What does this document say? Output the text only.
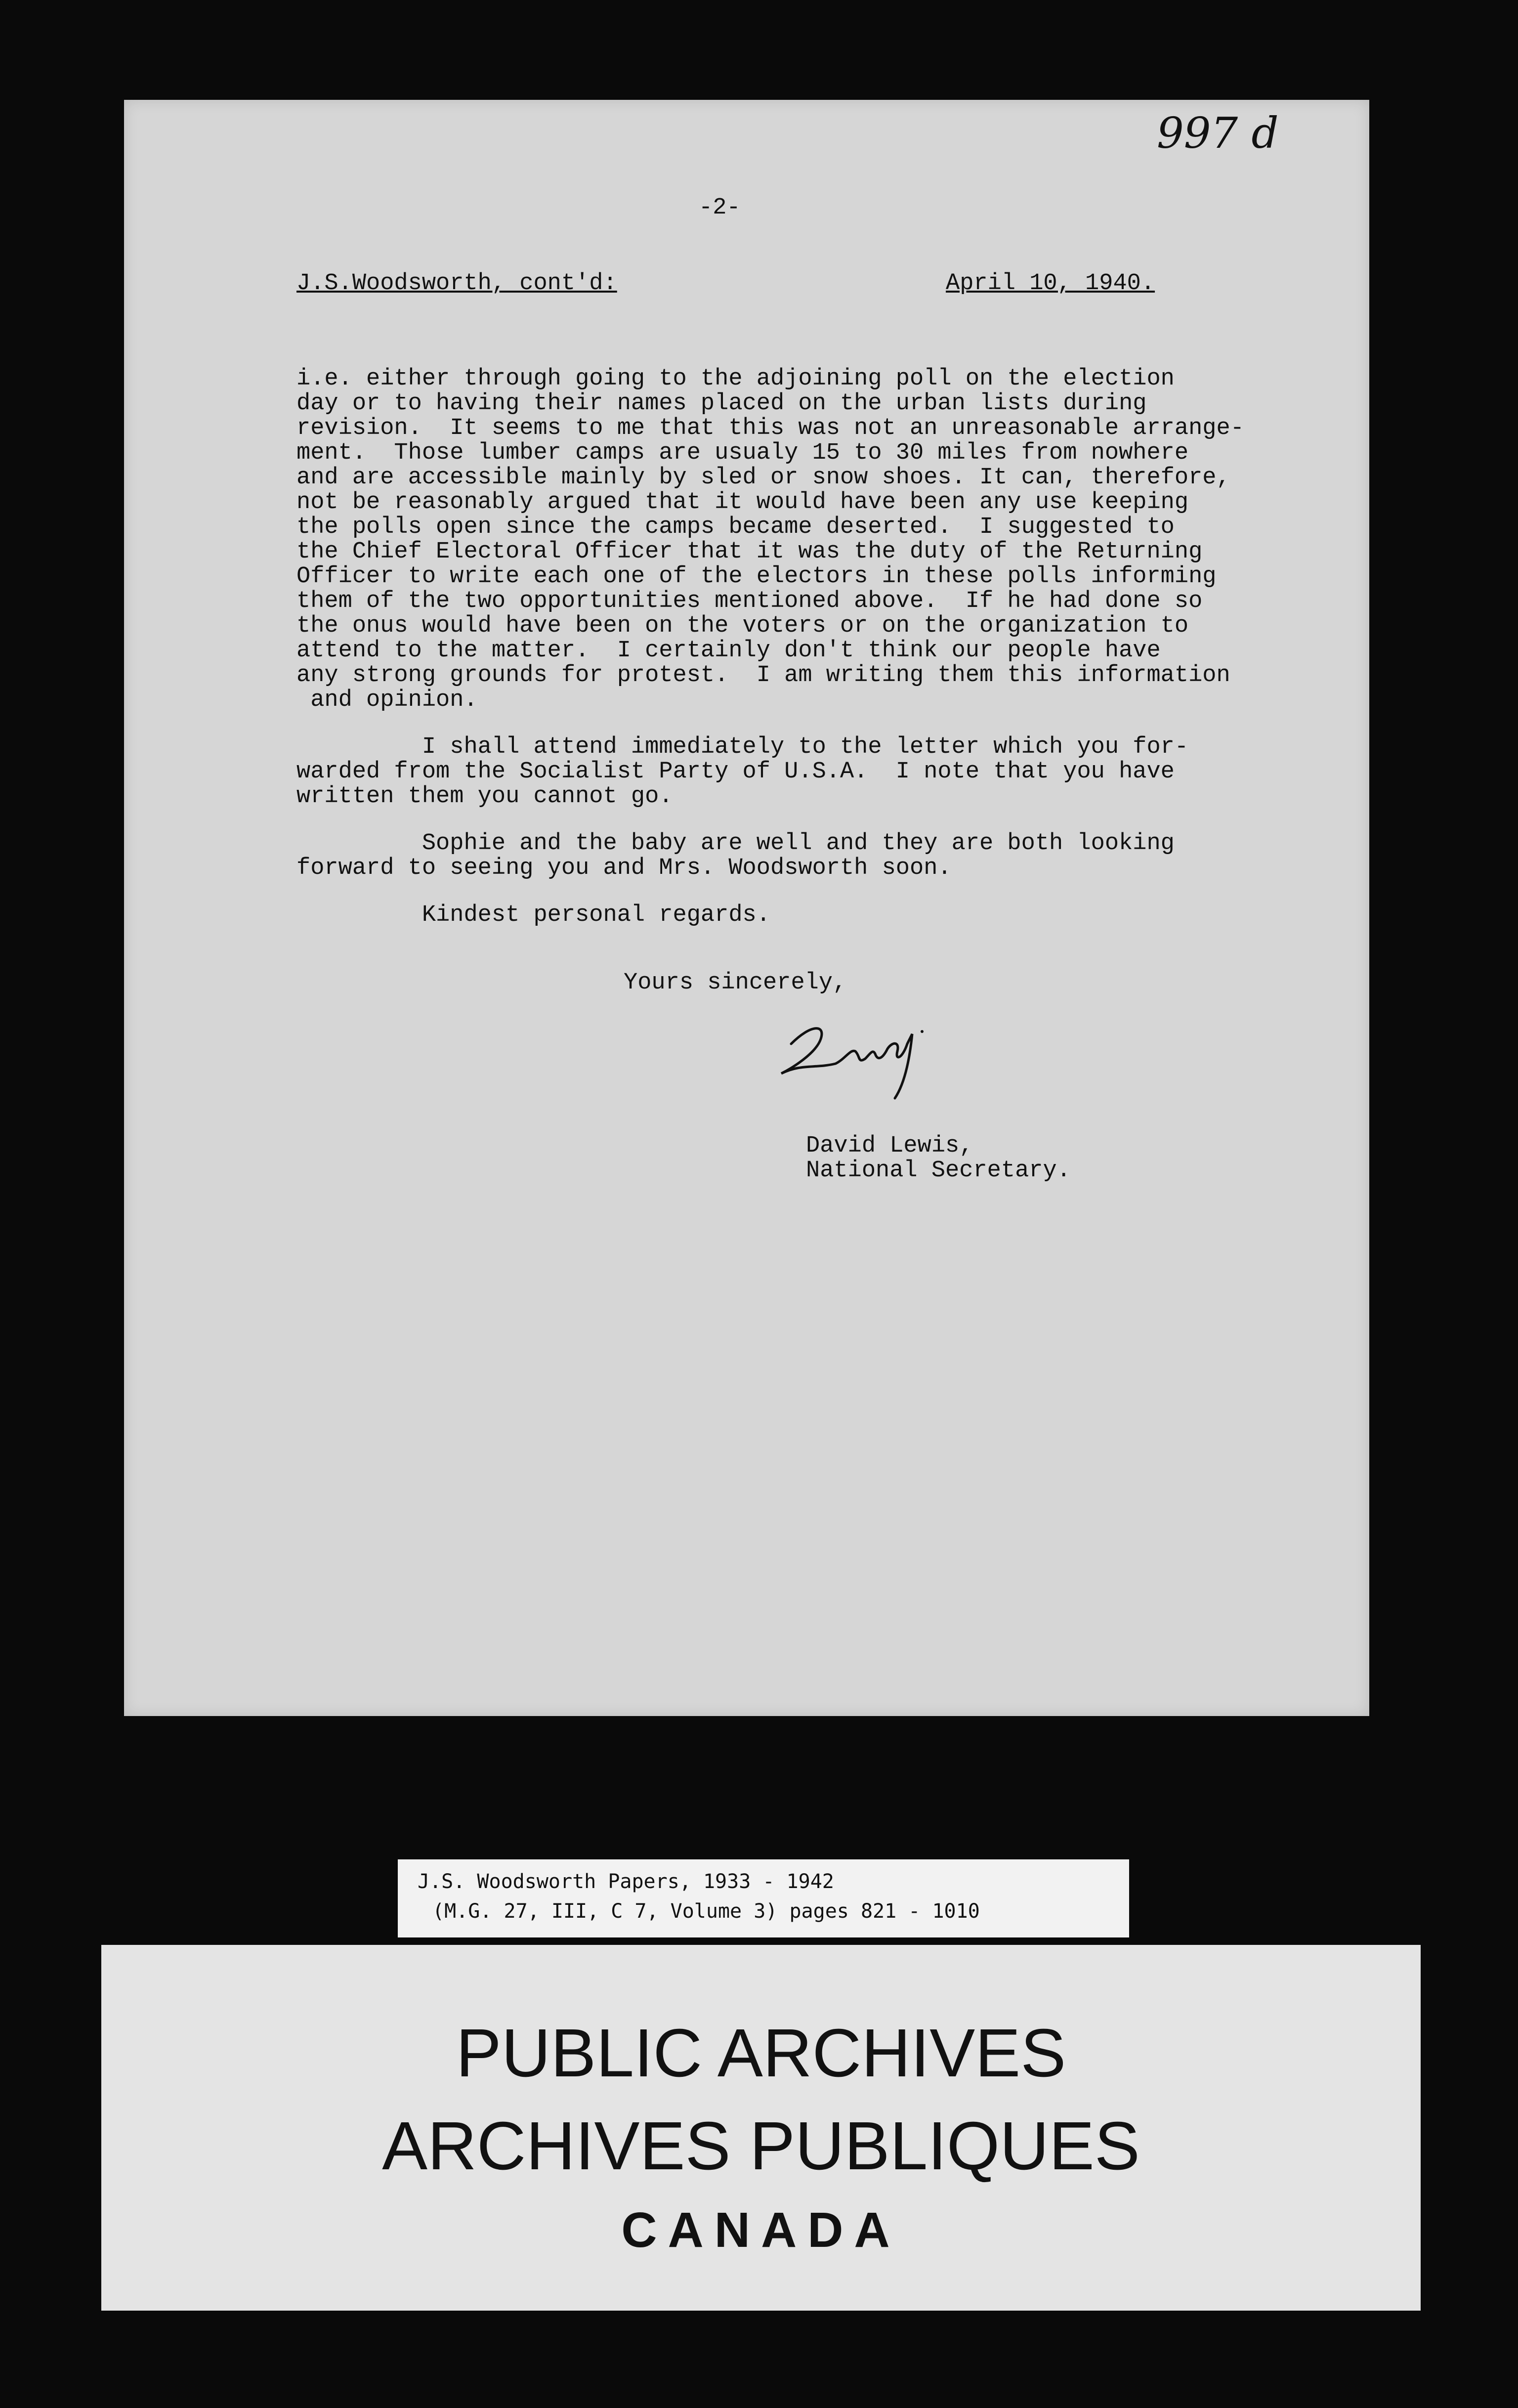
997 d
-2-
J.S.Woodsworth, cont'd:	April 10, 1940.
i.e. either through going to the adjoining poll on the election
day or to having their names placed on the urban lists during
revision.  It seems to me that this was not an unreasonable arrange-
ment.  Those lumber camps are usualy 15 to 30 miles from nowhere
and are accessible mainly by sled or snow shoes. It can, therefore,
not be reasonably argued that it would have been any use keeping
the polls open since the camps became deserted.  I suggested to
the Chief Electoral Officer that it was the duty of the Returning
Officer to write each one of the electors in these polls informing
them of the two opportunities mentioned above.  If he had done so
the onus would have been on the voters or on the organization to
attend to the matter.  I certainly don't think our people have
any strong grounds for protest.  I am writing them this information
and opinion.
I shall attend immediately to the letter which you for-
warded from the Socialist Party of U.S.A.  I note that you have
written them you cannot go.
Sophie and the baby are well and they are both looking
forward to seeing you and Mrs. Woodsworth soon.
Kindest personal regards.
Yours sincerely,
David Lewis,
National Secretary.
J.S. Woodsworth Papers, 1933 - 1942
(M.G. 27, III, C 7, Volume 3) pages 821 - 1010
PUBLIC ARCHIVES
ARCHIVES PUBLIQUES
CANADA
